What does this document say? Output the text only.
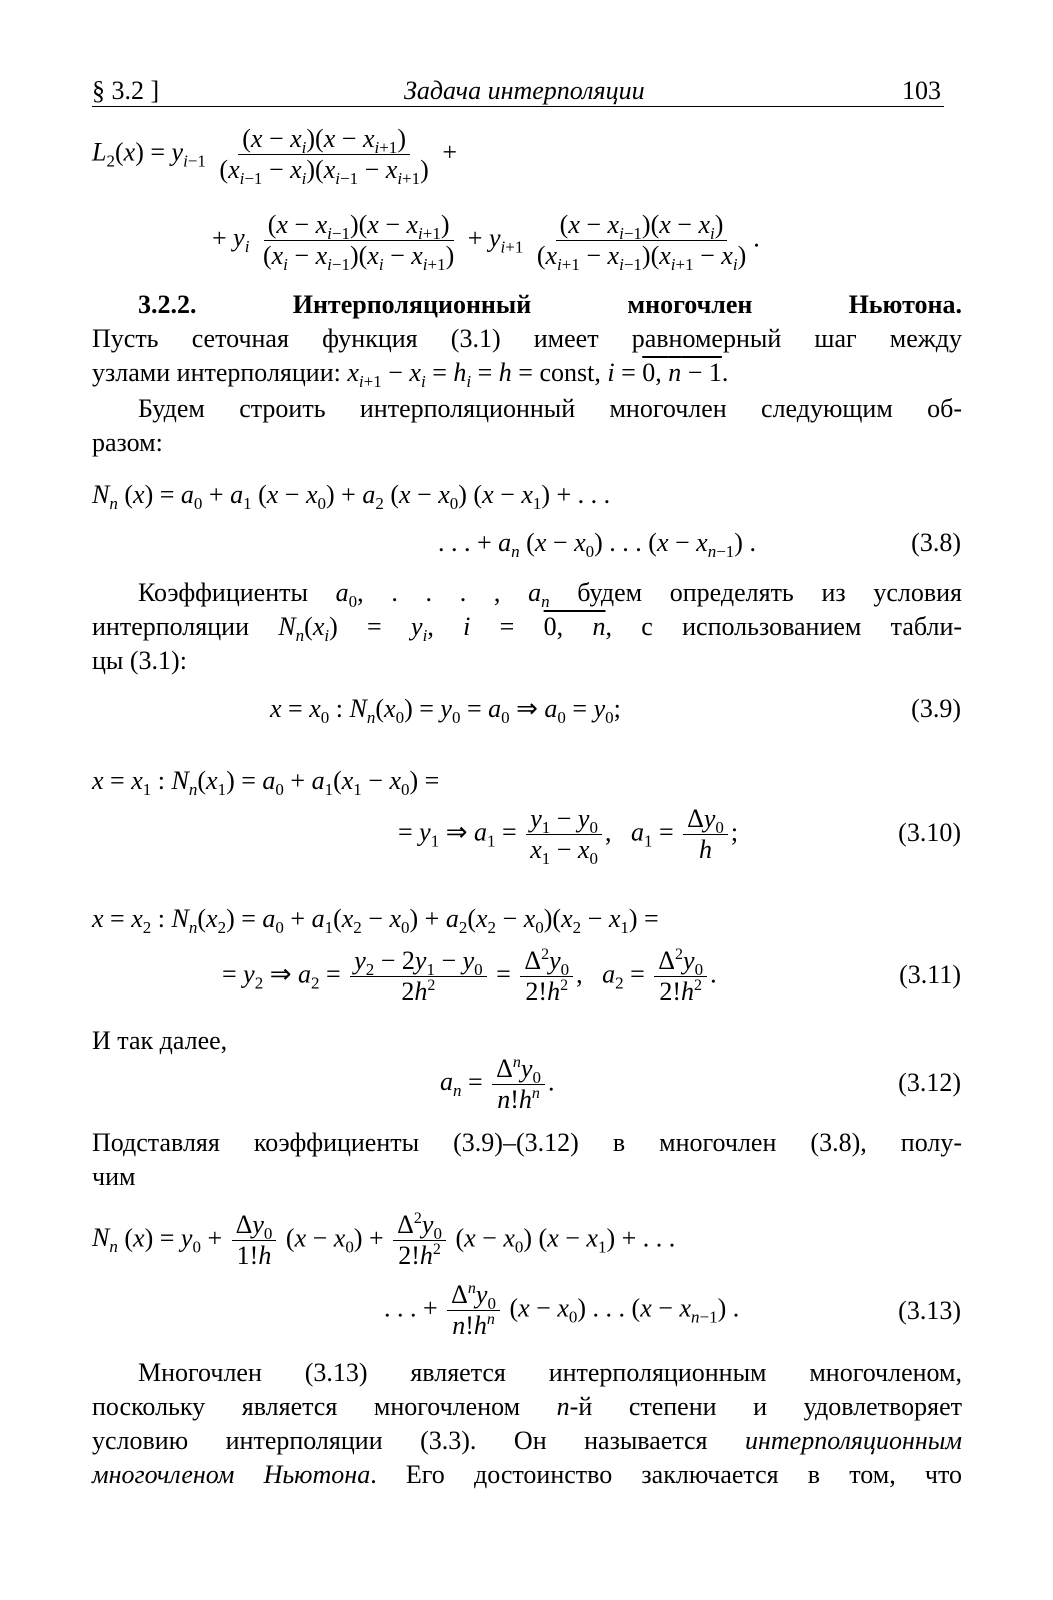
§ 3.2 ]	Задача интерполяции	103
$L_2(x) = y_{i-1} \frac{(x - x_i)(x - x_{i+1})}{(x_{i-1} - x_i)(x_{i-1} - x_{i+1})}$ +
+ $y_i \frac{(x - x_{i-1})(x - x_{i+1})}{(x_i - x_{i-1})(x_i - x_{i+1})} + y_{i+1} \frac{(x - x_{i-1})(x - x_i)}{(x_{i+1} - x_{i-1})(x_{i+1} - x_i)}$ .
3.2.2.	Интерполяционный	многочлен	Ньютона.
Пусть сеточная функция (3.1) имеет равномерный шаг между
узлами интерполяции: $x_{i+1} - x_i = h_i = h$ = const, i = 0, n − 1.
Будем строить интерполяционный многочлен следующим об-
разом:
$N_n$ $(x) = a_0 + a_1$ $(x - x_0) + a_2$ $(x - x_0)$ $(x - x_1)$ + . . .
. . . + $a_n$ $(x - x_0)$ . . . $(x - x_{n-1})$ .	(3.8)
Коэффициенты $a_0$, . . . , $a_n$ будем определять из условия
интерполяции $N_n(x_i) = y_i$, i = 0, n, с использованием табли-
цы (3.1):
$x = x_0$ : $N_n(x_0) = y_0 = a_0$ ⇒ $a_0 = y_0$;	(3.9)
$x = x_1$ : $N_n(x_1) = a_0 + a_1(x_1 - x_0)$ =
= $y_1$ ⇒ $a_1 = \frac{y_1 - y_0}{x_1 - x_0}$ ,   $a_1 = \frac{\Delta y_0}{h}$ ;	(3.10)
$x = x_2$ : $N_n(x_2) = a_0 + a_1(x_2 - x_0) + a_2(x_2 - x_0)(x_2 - x_1)$ =
= $y_2$ ⇒ $a_2 = \frac{y_2 - 2y_1 - y_0}{2h^2} = \frac{\Delta^2y_0}{2!h^2}$ ,   $a_2 = \frac{\Delta^2y_0}{2!h^2}$ .	(3.11)
И так далее,
$a_n = \frac{\Delta^ny_0}{n!h^n}$ .	(3.12)
Подставляя коэффициенты (3.9)–(3.12) в многочлен (3.8), полу-
чим
$N_n$ $(x) = y_0 + \frac{\Delta y_0}{1!h} (x - x_0) + \frac{\Delta^2y_0}{2!h^2} (x - x_0) (x - x_1)$ + . . .
. . . + $\frac{\Delta^ny_0}{n!h^n} (x - x_0)$ . . . $(x - x_{n-1})$ .	(3.13)
Многочлен (3.13) является интерполяционным многочленом,
поскольку является многочленом n-й степени и удовлетворяет
условию интерполяции (3.3). Он называется интерполяционным
многочленом Ньютона. Его достоинство заключается в том, что
